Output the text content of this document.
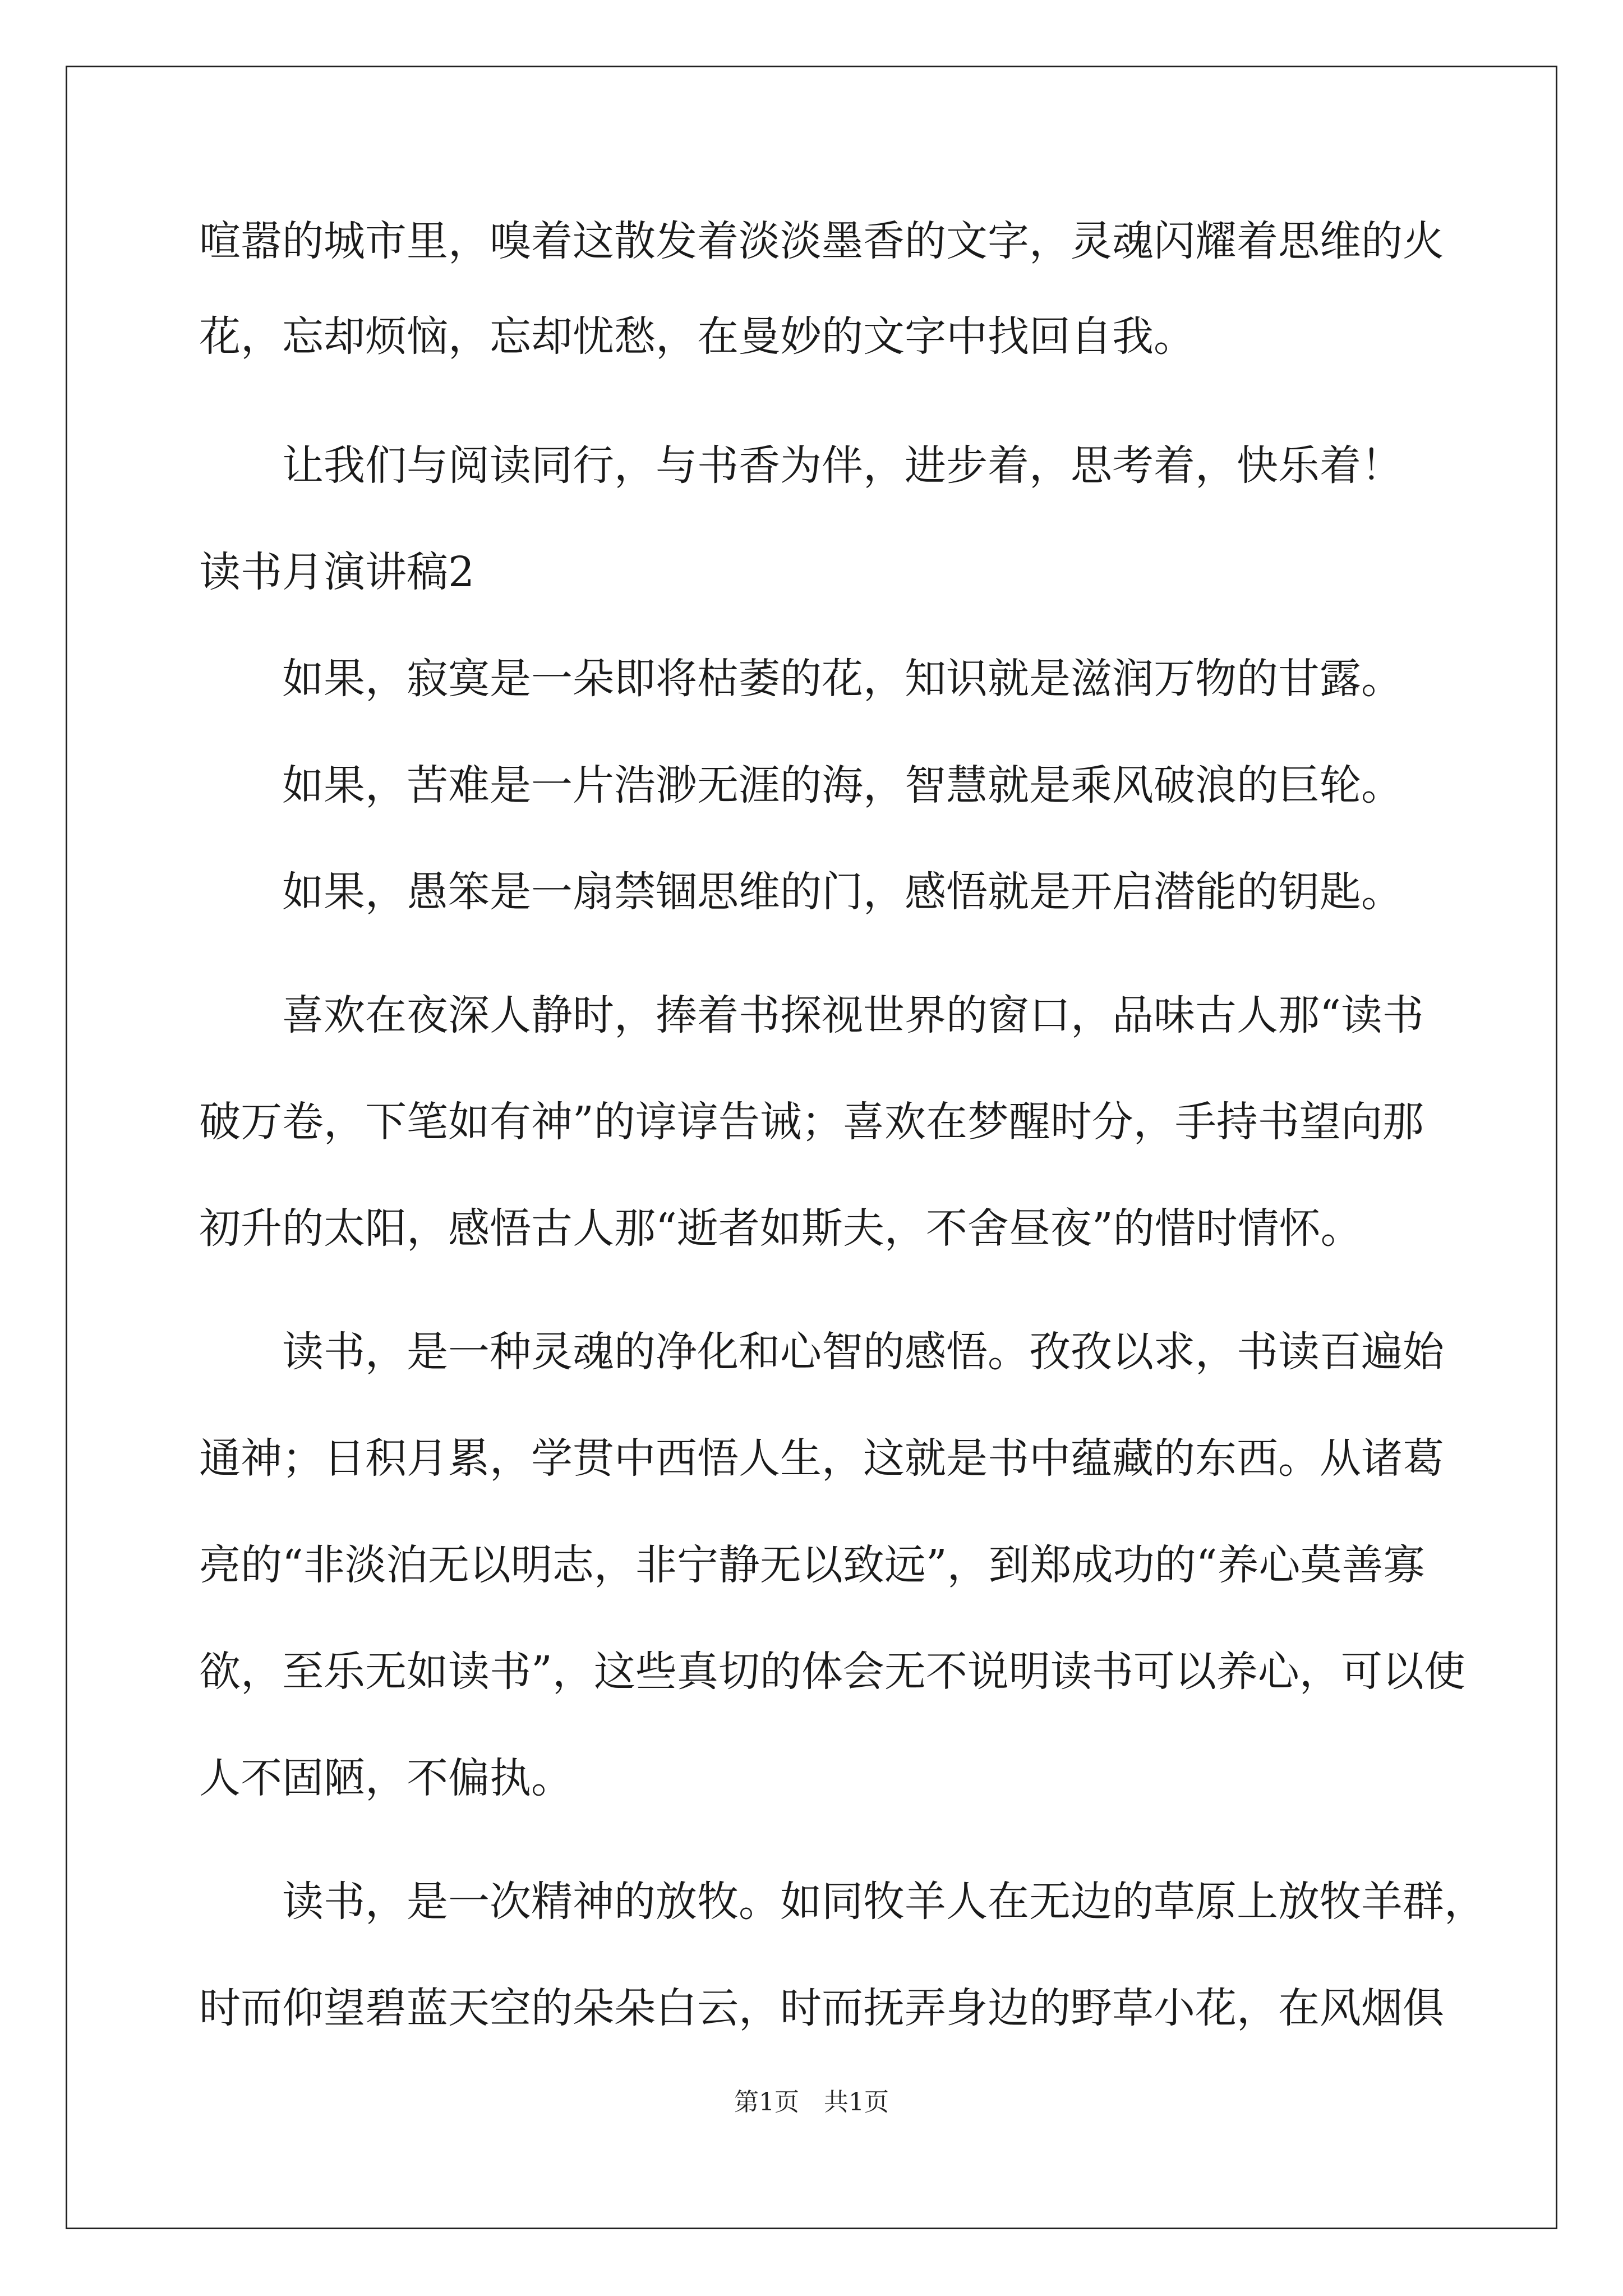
喧嚣的城市里，嗅着这散发着淡淡墨香的文字，灵魂闪耀着思维的火
花，忘却烦恼，忘却忧愁，在曼妙的文字中找回自我。
让我们与阅读同行，与书香为伴，进步着，思考着，快乐着！
读书月演讲稿2
如果，寂寞是一朵即将枯萎的花，知识就是滋润万物的甘露。
如果，苦难是一片浩渺无涯的海，智慧就是乘风破浪的巨轮。
如果，愚笨是一扇禁锢思维的门，感悟就是开启潜能的钥匙。
喜欢在夜深人静时，捧着书探视世界的窗口，品味古人那“读书
破万卷，下笔如有神”的谆谆告诫；喜欢在梦醒时分，手持书望向那
初升的太阳，感悟古人那“逝者如斯夫，不舍昼夜”的惜时情怀。
读书，是一种灵魂的净化和心智的感悟。孜孜以求，书读百遍始
通神；日积月累，学贯中西悟人生，这就是书中蕴藏的东西。从诸葛
亮的“非淡泊无以明志，非宁静无以致远”，到郑成功的“养心莫善寡
欲，至乐无如读书”，这些真切的体会无不说明读书可以养心，可以使
人不固陋，不偏执。
读书，是一次精神的放牧。如同牧羊人在无边的草原上放牧羊群，
时而仰望碧蓝天空的朵朵白云，时而抚弄身边的野草小花，在风烟俱
第1页　共1页
